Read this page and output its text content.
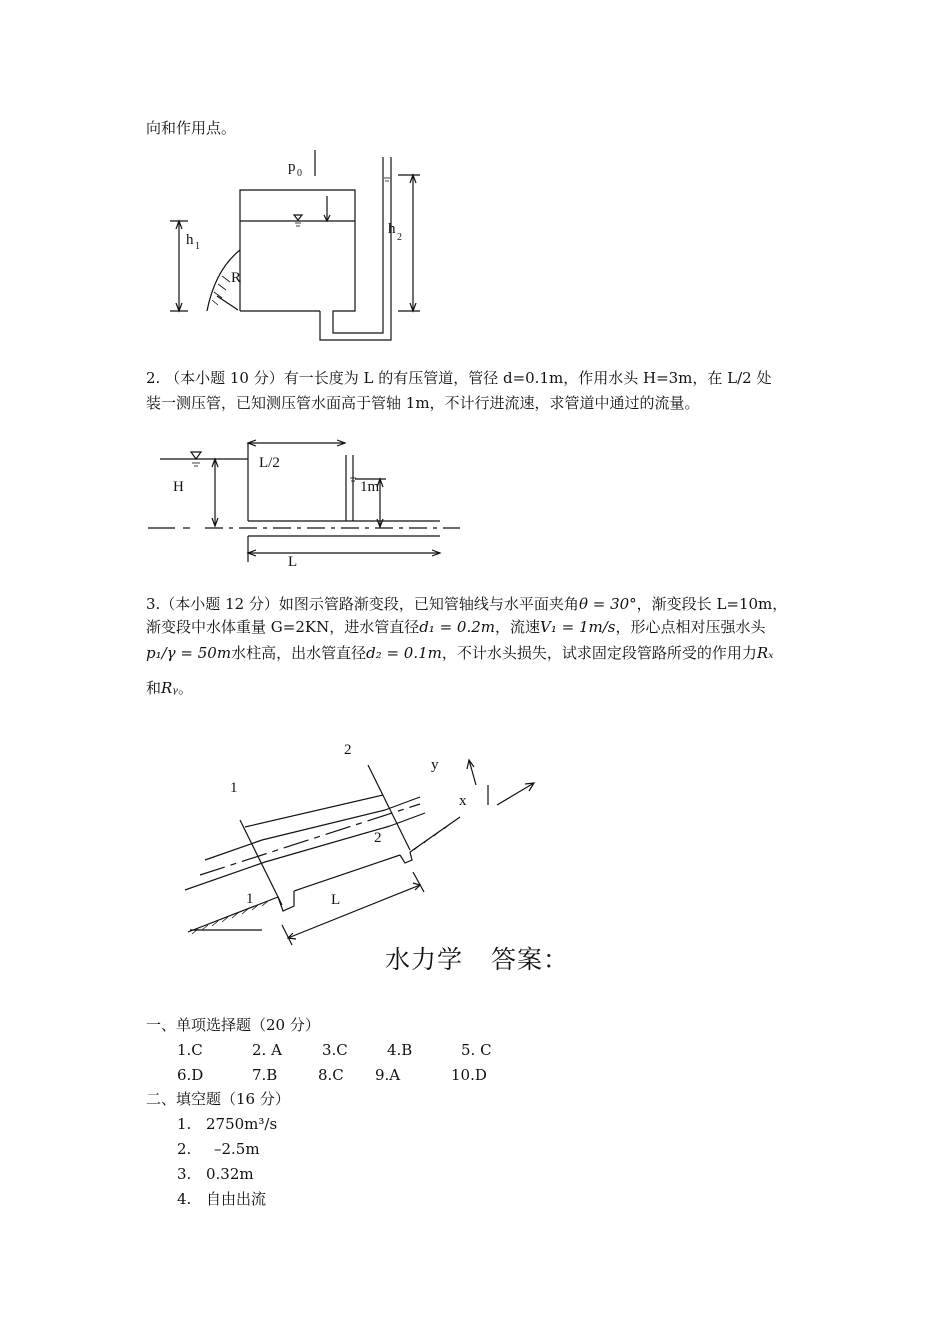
向和作用点。
p 0
h 1
h
2
R
2. （本小题 10 分）有一长度为 L 的有压管道，管径 d=0.1m，作用水头 H=3m，在 L/2 处
装一测压管，已知测压管水面高于管轴 1m，不计行进流速，求管道中通过的流量。
L/2
H	1m
L
3.（本小题 12 分）如图示管路渐变段，已知管轴线与水平面夹角θ = 30°，渐变段长 L=10m，
渐变段中水体重量 G=2KN，进水管直径d₁ = 0.2m，流速V₁ = 1m/s，形心点相对压强水头
p₁/γ = 50m水柱高，出水管直径d₂ = 0.1m，不计水头损失，试求固定段管路所受的作用力Rₓ
和Rᵧ。
1
2
y
x
2
1	L
水力学 答案：
一、单项选择题（20 分）
1.C	2. A	3.C	4.B	5. C
6.D	7.B	8.C 9.A	10.D
二、填空题（16 分）
1. 2750m³/s
2. –2.5m
3. 0.32m
4. 自由出流
